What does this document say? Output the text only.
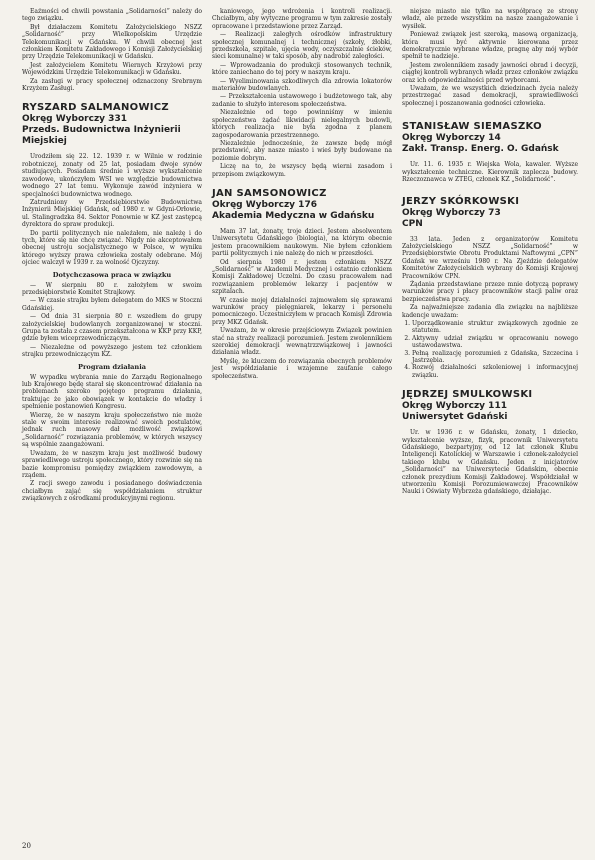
Eaźmości od chwili powstania „Solidarności” należy do tego związku.

Był działaczem Komitetu Założycielskiego NSZZ „Solidarność” przy Wielkopolskim Urzędzie Telekomunikacji w Gdańsku. W chwili obecnej jest członkiem Komitetu Zakładowego i Komisji Założycielskiej przy Urzędzie Telekomunikacji w Gdańsku.

Jest założycielem Komitetu Wiernych Krzyżowi przy Wojewódzkim Urzędzie Telekomunikacji w Gdańsku.

Za zasługi w pracy społecznej odznaczony Srebrnym Krzyżem Zasługi.

RYSZARD SALMANOWICZ
Okręg Wyborczy 331
Przeds. Budownictwa Inżynierii Miejskiej

Urodziłem się 22. 12. 1939 r. w Wilnie w rodzinie robotniczej, zonaty od 25 lat, posiadam dwoje synów studiujących. Posiadam średnie i wyższe wykształcenie zawodowe, ukończyłem WSI we względzie budownictwa wodnego 27 lat temu. Wykonuje zawód inżyniera w specjalności budownictwa wodnego.

Zatrudniony w Przedsiębiorstwie Budownictwa Inżynierii Miejskiej Gdańsk, od 1980 r. w Gdyni-Orłowie, ul. Stalingradzka 84. Sektor Ponownie w KZ jest zastępcą dyrektora do spraw produkcji.

Do partii politycznych nie należałem, nie należę i do tych, które się nie chcę związać. Nigdy nie akceptowałem obecnej ustroju socjalistycznego w Polsce, w wyniku którego wyższy prawa człowieka zostały odebrane. Mój ojciec walczył w 1939 r. za wolność Ojczyzny.

Dotychczasowa praca w związku

— W sierpniu 80 r. założyłem w swoim przedsiębiorstwie Komitet Strajkowy.

— W czasie strajku byłem delegatem do MKS w Stoczni Gdańskiej.

— Od dnia 31 sierpnia 80 r. wszedłem do grupy założycielskiej budowlanych zorganizowanej w stoczni. Grupa ta została z czasem przekształcona w KKP przy KKP, gdzie byłem wiceprzewodniczącym.

— Niezależne od powyższego jestem też członkiem strajku przewodniczącym KZ.

Program działania

W wypadku wybrania mnie do Zarządu Regionalnego lub Krajowego będę starał się skoncentrować działania na problemach szeroko pojętego programu działania, traktując że jako obowiązek w kontakcie do władzy i spełnienie postanowień Kongresu.

Wierzę, że w naszym kraju społeczeństwo nie może stale w swoim interesie realizować swoich postulatów, jednak ruch masowy dał możliwość związkowi „Solidarność” rozwiązania problemów, w których wszyscy są wspólnie zaangażowani.

Uważam, że w naszym kraju jest możliwość budowy sprawiedliwego ustroju społecznego, który rozwinie się na bazie kompromisu pomiędzy związkiem zawodowym, a rządem.

Z racji swego zawodu i posiadanego doświadczenia chciałbym zająć się współdziałaniem struktur związkowych z ośrodkami produkcyjnymi regionu.

kaniowego, jego wdrożenia i kontroli realizacji. Chciałbym, aby wytyczne programu w tym zakresie zostały opracowane i przedstawione przez Zarząd.

— Realizacji zaległych ośrodków infrastruktury społecznej komunalnej i technicznej (szkoły, żłobki, przedszkola, szpitale, ujęcia wody, oczyszczalnie ścieków, sieci komunalne) w taki sposób, aby nadrobić zaległości.

— Wprowadzania do produkcji stosowanych technik, które zaniechano do tej pory w naszym kraju.

— Wyeliminowania szkodliwych dla zdrowia lokatorów materiałów budowlanych.

— Przekształcenia ustawowego i budżetowego tak, aby zadanie to służyło interesom społeczeństwa.

Niezależnie od tego powinniśmy w imieniu społeczeństwa żądać likwidacji nielegalnych budowli, których realizacja nie była zgodna z planem zagospodarowania przestrzennego.

Niezależnie jednocześnie, że zawsze będę mógł przedstawić, aby nasze miasto i wieś były budowane na poziomie dobrym.

Liczę na to, że wszyscy będą wierni zasadom i przepisom związkowym.

JAN SAMSONOWICZ
Okręg Wyborczy 176
Akademia Medyczna w Gdańsku

Mam 37 lat, żonaty, troje dzieci. Jestem absolwentem Uniwersytetu Gdańskiego (biologia), na którym obecnie jestem pracownikiem naukowym. Nie byłem członkiem partii politycznych i nie należę do nich w przeszłości.

Od sierpnia 1980 r. jestem członkiem NSZZ „Solidarność” w Akademii Medycznej i ostatnio członkiem Komisji Zakładowej Uczelni. Do czasu pracowałem nad rozwiązaniem problemów lekarzy i pacjentów w szpitalach.

W czasie mojej działalności zajmowałem się sprawami warunków pracy pielęgniarek, lekarzy i personelu pomocniczego. Uczestniczyłem w pracach Komisji Zdrowia przy MKZ Gdańsk.

Uważam, że w okresie przejściowym Związek powinien stać na straży realizacji porozumień. Jestem zwolennikiem szerokiej demokracji wewnątrzzwiązkowej i jawności działania władz.

Myślę, że kluczem do rozwiązania obecnych problemów jest współdziałanie i wzajemne zaufanie całego społeczeństwa.

niejsze miasto nie tylko na współpracę ze strony władz, ale przede wszystkim na nasze zaangażowanie i wysiłek.

Ponieważ związek jest szeroką, masową organizacją, która musi być aktywnie kierowana przez demokratycznie wybrane władze, pragnę aby mój wybór spełnił te nadzieje.

Jestem zwolennikiem zasady jawności obrad i decyzji, ciągłej kontroli wybranych władz przez członków związku oraz ich odpowiedzialności przed wyborcami.

Uważam, że we wszystkich dziedzinach życia należy przestrzegać zasad demokracji, sprawiedliwości społecznej i poszanowania godności człowieka.

STANISŁAW SIEMASZKO
Okręg Wyborczy 14
Zakł. Transp. Energ. O. Gdańsk

Ur. 11. 6. 1935 r. Wiejska Wola, kawaler. Wyższe wykształcenie techniczne. Kierownik zaplecza budowy. Rzeczoznawca w ZTEG, członek KZ „Solidarność”.

JERZY SKÓRKOWSKI
Okręg Wyborczy 73
CPN

33 lata. Jeden z organizatorów Komitetu Założycielskiego NSZZ „Solidarność” w Przedsiębiorstwie Obrotu Produktami Naftowymi „CPN” Gdańsk we wrześniu 1980 r. Na Zjeździe delegatów Komitetów Założycielskich wybrany do Komisji Krajowej Pracowników CPN.

Żądania przedstawiane przeze mnie dotyczą poprawy warunków pracy i płacy pracowników stacji paliw oraz bezpieczeństwa pracy.

Za najważniejsze zadania dla związku na najbliższe kadencje uważam:

1. Uporządkowanie struktur związkowych zgodnie ze statutem.
2. Aktywny udział związku w opracowaniu nowego ustawodawstwa.
3. Pełną realizację porozumień z Gdańska, Szczecina i Jastrzębia.
4. Rozwój działalności szkoleniowej i informacyjnej związku.
JĘDRZEJ SMULKOWSKI
Okręg Wyborczy 111
Uniwersytet Gdański

Ur. w 1936 r. w Gdańsku, żonaty, 1 dziecko, wykształcenie wyższe, fizyk, pracownik Uniwersytetu Gdańskiego, bezpartyjny, od 12 lat członek Klubu Inteligencji Katolickiej w Warszawie i członek-założyciel takiego klubu w Gdańsku. Jeden z inicjatorów „Solidarności” na Uniwersytecie Gdańskim, obecnie członek prezydium Komisji Zakładowej. Współdziałał w utworzeniu Komisji Porozumiewawczej Pracowników Nauki i Oświaty Wybrzeża gdańskiego, działając.

20
